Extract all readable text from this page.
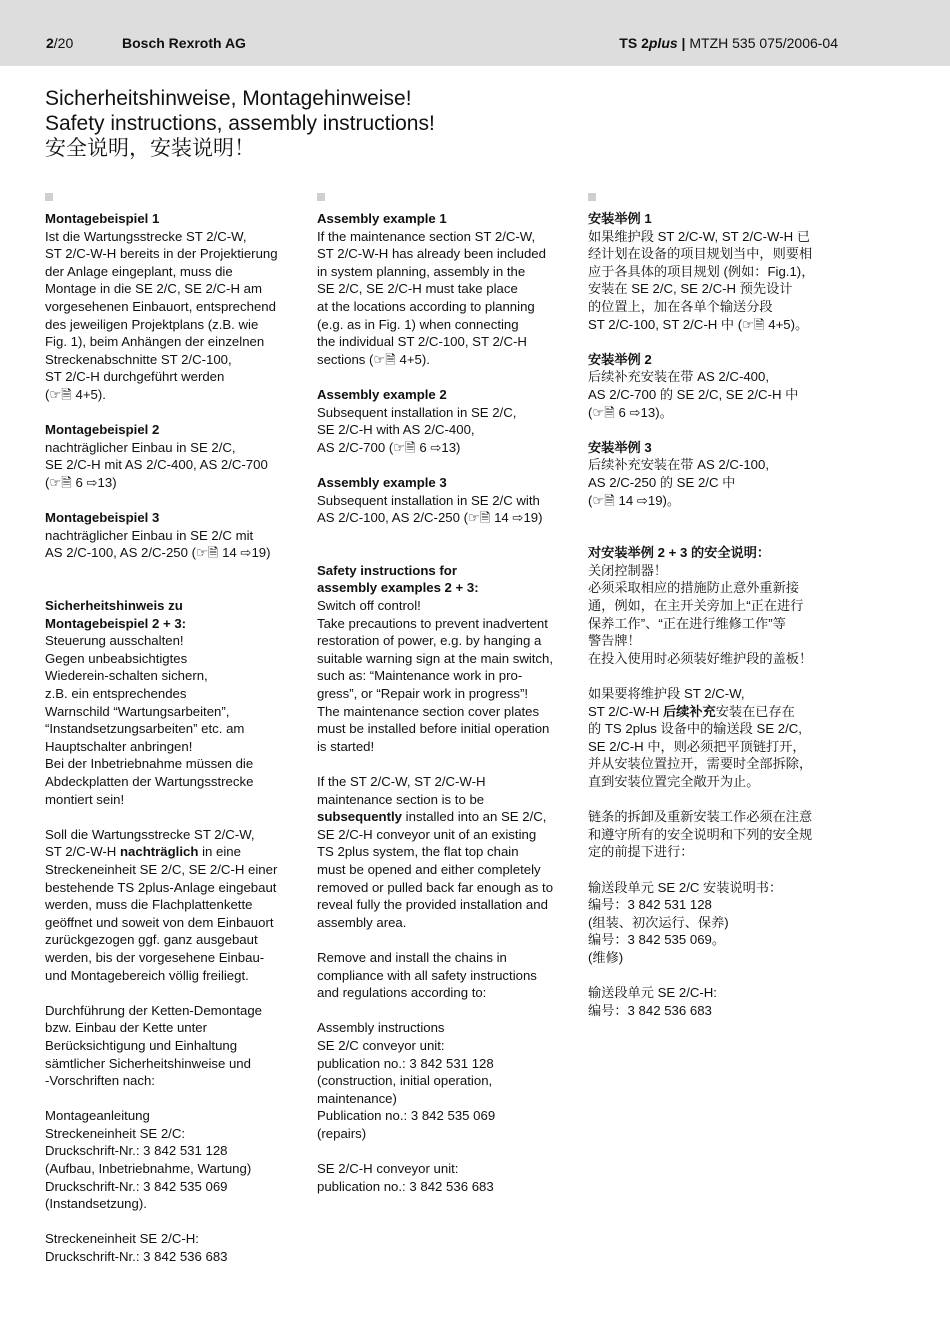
2/20	Bosch Rexroth AG	TS 2plus | MTZH 535 075/2006-04
Sicherheitshinweise, Montagehinweise!
Safety instructions, assembly instructions!
安全说明，安装说明！

Montagebeispiel 1

Ist die Wartungsstrecke ST 2/C-W,

ST 2/C-W-H bereits in der Projektierung

der Anlage eingeplant, muss die

Montage in die SE 2/C, SE 2/C-H am

vorgesehenen Einbauort, entsprechend

des jeweiligen Projektplans (z.B. wie

Fig. 1), beim Anhängen der einzelnen

Streckenabschnitte ST 2/C-100,

ST 2/C-H durchgeführt werden

(☞🗎 4+5).

Montagebeispiel 2

nachträglicher Einbau in SE 2/C,

SE 2/C-H mit AS 2/C-400, AS 2/C-700

(☞🗎 6 ⇨13)

Montagebeispiel 3

nachträglicher Einbau in SE 2/C mit

AS 2/C-100, AS 2/C-250 (☞🗎 14 ⇨19)

Sicherheitshinweis zu

Montagebeispiel 2 + 3:

Steuerung ausschalten!

Gegen unbeabsichtigtes

Wiederein-schalten sichern,

z.B. ein entsprechendes

Warnschild “Wartungsarbeiten”,

“Instandsetzungsarbeiten” etc. am

Hauptschalter anbringen!

Bei der Inbetriebnahme müssen die

Abdeckplatten der Wartungsstrecke

montiert sein!

Soll die Wartungsstrecke ST 2/C-W,

ST 2/C-W-H nachträglich in eine

Streckeneinheit SE 2/C, SE 2/C-H einer

bestehende TS 2plus-Anlage eingebaut

werden, muss die Flachplattenkette

geöffnet und soweit von dem Einbauort

zurückgezogen ggf. ganz ausgebaut

werden, bis der vorgesehene Einbau-

und Montagebereich völlig freiliegt.

Durchführung der Ketten-Demontage

bzw. Einbau der Kette unter

Berücksichtigung und Einhaltung

sämtlicher Sicherheitshinweise und

-Vorschriften nach:

Montageanleitung

Streckeneinheit SE 2/C:

Druckschrift-Nr.: 3 842 531 128

(Aufbau, Inbetriebnahme, Wartung)

Druckschrift-Nr.: 3 842 535 069

(Instandsetzung).

Streckeneinheit SE 2/C-H:

Druckschrift-Nr.: 3 842 536 683

Assembly example 1

If the maintenance section ST 2/C-W,

ST 2/C-W-H has already been included

in system planning, assembly in the

SE 2/C, SE 2/C-H must take place

at the locations according to planning

(e.g. as in Fig. 1) when connecting

the individual ST 2/C-100, ST 2/C-H

sections (☞🗎 4+5).

Assembly example 2

Subsequent installation in SE 2/C,

SE 2/C-H with AS 2/C-400,

AS 2/C-700 (☞🗎 6 ⇨13)

Assembly example 3

Subsequent installation in SE 2/C with

AS 2/C-100, AS 2/C-250 (☞🗎 14 ⇨19)

Safety instructions for

assembly examples 2 + 3:

Switch off control!

Take precautions to prevent inadvertent

restoration of power, e.g. by hanging a

suitable warning sign at the main switch,

such as: “Maintenance work in pro-

gress”, or “Repair work in progress”!

The maintenance section cover plates

must be installed before initial operation

is started!

If the ST 2/C-W, ST 2/C-W-H

maintenance section is to be

subsequently installed into an SE 2/C,

SE 2/C-H conveyor unit of an existing

TS 2plus system, the flat top chain

must be opened and either completely

removed or pulled back far enough as to

reveal fully the provided installation and

assembly area.

Remove and install the chains in

compliance with all safety instructions

and regulations according to:

Assembly instructions

SE 2/C conveyor unit:

publication no.: 3 842 531 128

(construction, initial operation,

maintenance)

Publication no.: 3 842 535 069

(repairs)

SE 2/C-H conveyor unit:

publication no.: 3 842 536 683

安装举例 1

如果维护段 ST 2/C-W, ST 2/C-W-H 已

经计划在设备的项目规划当中，则要相

应于各具体的项目规划 (例如：Fig.1)，

安装在 SE 2/C, SE 2/C-H 预先设计

的位置上，加在各单个输送分段

ST 2/C-100, ST 2/C-H 中 (☞🗎 4+5)。

安装举例 2

后续补充安装在带 AS 2/C-400,

AS 2/C-700 的 SE 2/C, SE 2/C-H 中

(☞🗎 6 ⇨13)。

安装举例 3

后续补充安装在带 AS 2/C-100,

AS 2/C-250 的 SE 2/C 中

(☞🗎 14 ⇨19)。

对安装举例 2 + 3 的安全说明：

关闭控制器！

必须采取相应的措施防止意外重新接

通，例如，在主开关旁加上“正在进行

保养工作”、“正在进行维修工作”等

警告牌！

在投入使用时必须装好维护段的盖板！

如果要将维护段 ST 2/C-W,

ST 2/C-W-H 后续补充安装在已存在

的 TS 2plus 设备中的输送段 SE 2/C,

SE 2/C-H 中，则必须把平顶链打开，

并从安装位置拉开，需要时全部拆除，

直到安装位置完全敞开为止。

链条的拆卸及重新安装工作必须在注意

和遵守所有的安全说明和下列的安全规

定的前提下进行：

输送段单元 SE 2/C 安装说明书：

编号：3 842 531 128

(组装、初次运行、保养)

编号：3 842 535 069。

(维修)

输送段单元 SE 2/C-H:

编号：3 842 536 683
